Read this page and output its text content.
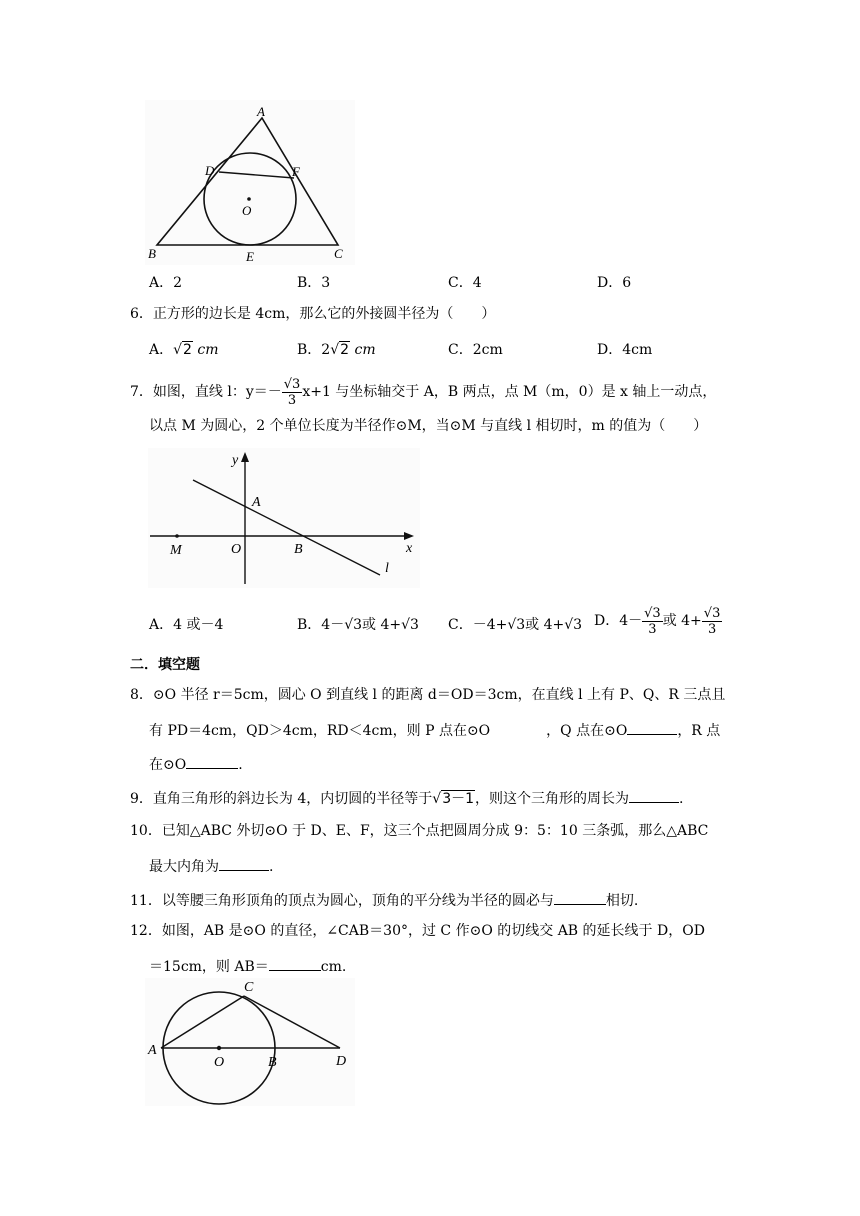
A
D	F
O
B	E	C
A．2	B．3	C．4	D．6
6．正方形的边长是 4cm，那么它的外接圆半径为（　　）
A．√2 cm	B．2√2 cm	C．2cm	D．4cm
7．如图，直线 l：$y=- \frac{√3}{3} x+1$ 与坐标轴交于 A，B 两点，点 M（m，0）是 x 轴上一动点，
以点 M 为圆心，2 个单位长度为半径作⊙M，当⊙M 与直线 l 相切时，m 的值为（　　）
y
x
A
O	B
M
l
A．4 或－4	B．4－√3或 4+√3 C．－4+√3或 4+√3 D．$4- \frac{√3}{3}$ 或 $4+ \frac{√3}{3}$
二．填空题
8．⊙O 半径 r＝5cm，圆心 O 到直线 l 的距离 d＝OD＝3cm，在直线 l 上有 P、Q、R 三点且
有 PD＝4cm，QD＞4cm，RD＜4cm，则 P 点在⊙O	，Q 点在⊙O	，R 点
在⊙O	.
9．直角三角形的斜边长为 4，内切圆的半径等于√3－1，则这个三角形的周长为	.
10．已知△ABC 外切⊙O 于 D、E、F，这三个点把圆周分成 9：5：10 三条弧，那么△ABC
最大内角为	.
11．以等腰三角形顶角的顶点为圆心，顶角的平分线为半径的圆必与	相切.
12．如图，AB 是⊙O 的直径，∠CAB＝30°，过 C 作⊙O 的切线交 AB 的延长线于 D，OD
＝15cm，则 AB＝	cm.
A
O	B
C
D
